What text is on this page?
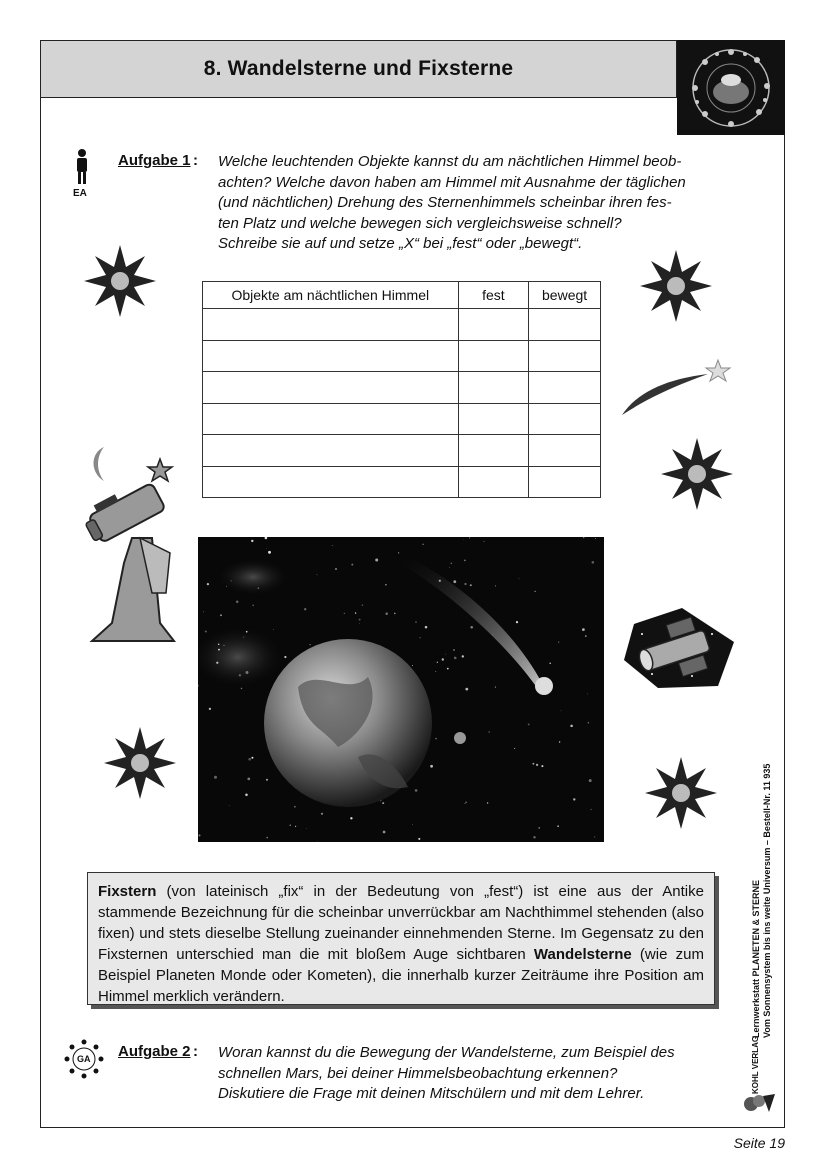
8. Wandelsterne und Fixsterne
EA
Aufgabe 1 : Welche leuchtenden Objekte kannst du am nächtlichen Himmel beob-
achten? Welche davon haben am Himmel mit Ausnahme der täglichen
(und nächtlichen) Drehung des Sternenhimmels scheinbar ihren fes-
ten Platz und welche bewegen sich vergleichsweise schnell?
Schreibe sie auf und setze „X“ bei „fest“ oder „bewegt“.
Objekte am nächtlichen Himmel	fest	bewegt

Fixstern (von lateinisch „fix“ in der Bedeutung von „fest“) ist eine aus der Antike stammende Bezeichnung für die scheinbar unverrückbar am Nachthimmel stehenden (also fixen) und stets dieselbe Stellung zueinander einnehmenden Sterne. Im Gegensatz zu den Fixsternen unterschied man die mit bloßem Auge sichtbaren Wandelsterne (wie zum Beispiel Planeten Monde oder Kometen), die innerhalb kurzer Zeiträume ihre Position am Himmel merklich verändern.
GA Aufgabe 2 : Woran kannst du die Bewegung der Wandelsterne, zum Beispiel des
schnellen Mars, bei deiner Himmelsbeobachtung erkennen?
Diskutiere die Frage mit deinen Mitschülern und mit dem Lehrer.
Lernwerkstatt PLANETEN & STERNE Vom Sonnensystem bis ins weite Universum – Bestell-Nr. 11 935
KOHL VERLAG
Seite 19
